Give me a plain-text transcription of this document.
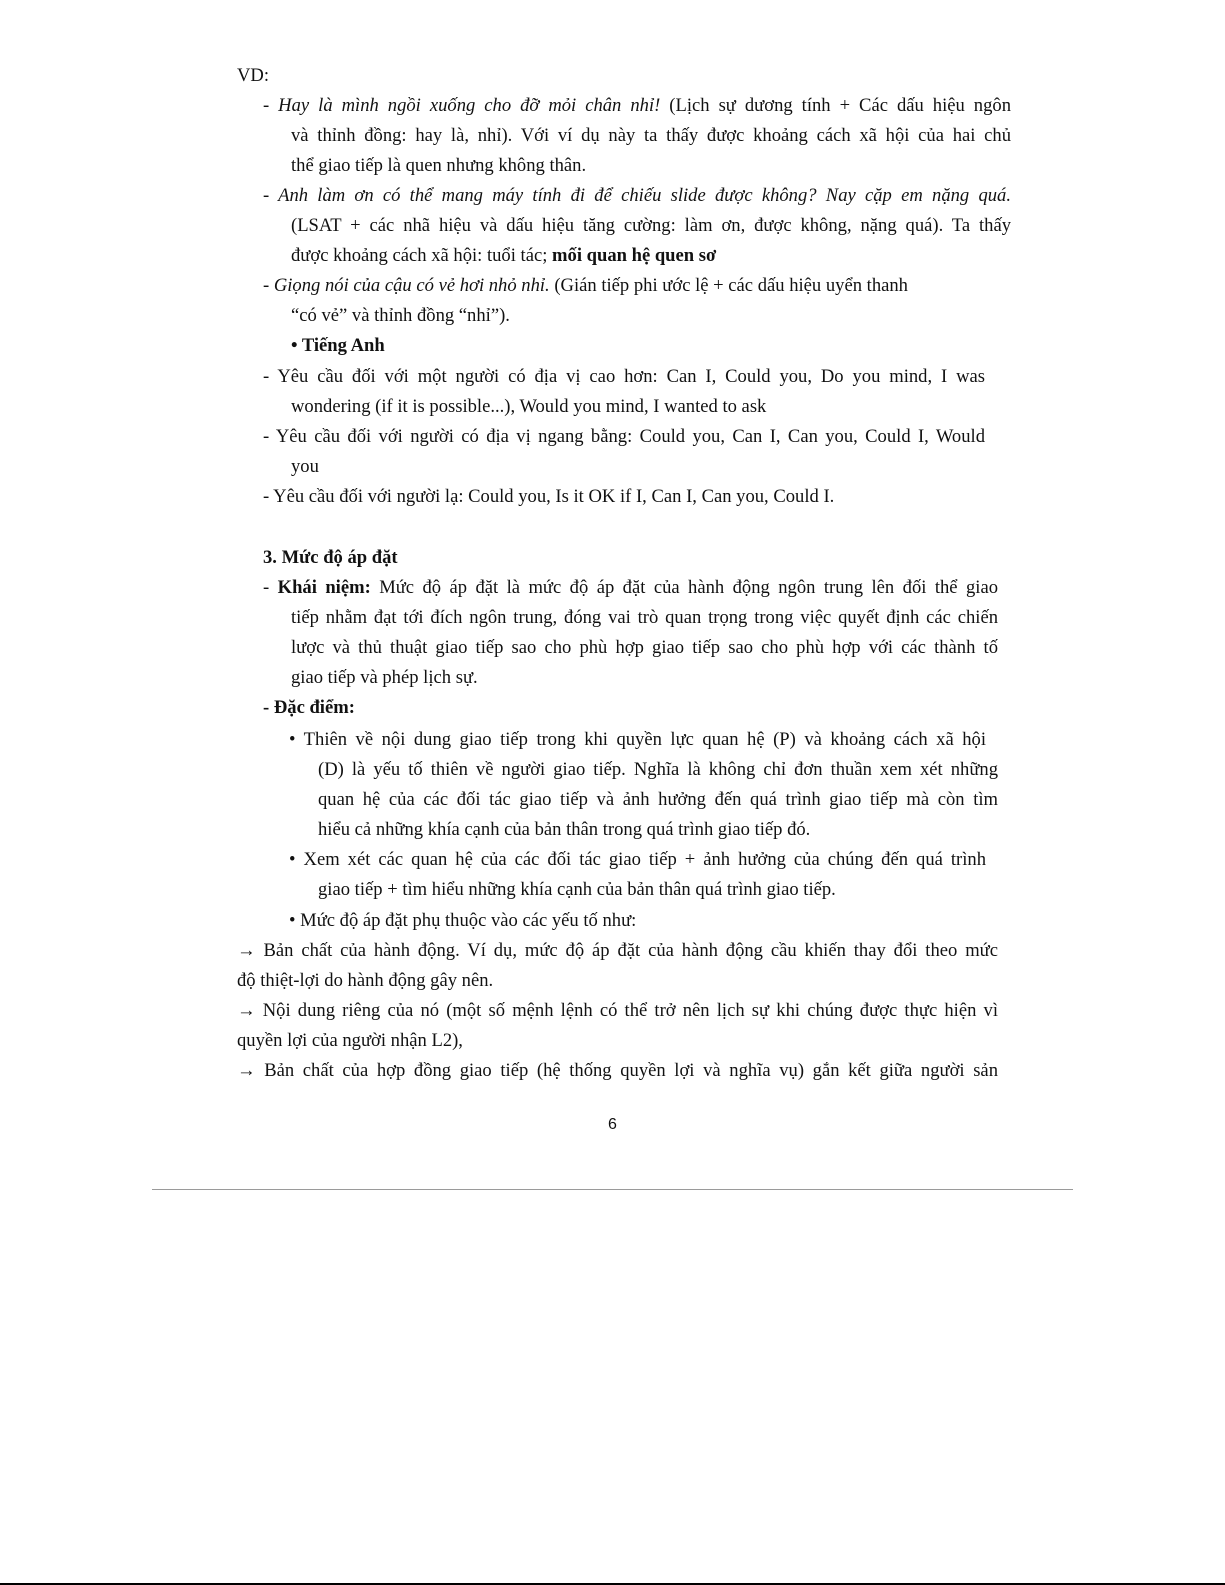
VD:
- Hay là mình ngồi xuống cho đỡ mỏi chân nhỉ! (Lịch sự dương tính + Các dấu hiệu ngôn
và thỉnh đồng: hay là, nhỉ). Với ví dụ này ta thấy được khoảng cách xã hội của hai chủ
thể giao tiếp là quen nhưng không thân.
- Anh làm ơn có thể mang máy tính đi để chiếu slide được không? Nay cặp em nặng quá.
(LSAT + các nhã hiệu và dấu hiệu tăng cường: làm ơn, được không, nặng quá). Ta thấy
được khoảng cách xã hội: tuổi tác; mối quan hệ quen sơ
- Giọng nói của cậu có vẻ hơi nhỏ nhỉ. (Gián tiếp phi ước lệ + các dấu hiệu uyển thanh
“có vẻ” và thỉnh đồng “nhỉ”).
• Tiếng Anh
- Yêu cầu đối với một người có địa vị cao hơn: Can I, Could you, Do you mind, I was
wondering (if it is possible...), Would you mind, I wanted to ask
- Yêu cầu đối với người có địa vị ngang bằng: Could you, Can I, Can you, Could I, Would
you
- Yêu cầu đối với người lạ: Could you, Is it OK if I, Can I, Can you, Could I.
3. Mức độ áp đặt
- Khái niệm: Mức độ áp đặt là mức độ áp đặt của hành động ngôn trung lên đối thể giao
tiếp nhằm đạt tới đích ngôn trung, đóng vai trò quan trọng trong việc quyết định các chiến
lược và thủ thuật giao tiếp sao cho phù hợp giao tiếp sao cho phù hợp với các thành tố
giao tiếp và phép lịch sự.
- Đặc điểm:
• Thiên về nội dung giao tiếp trong khi quyền lực quan hệ (P) và khoảng cách xã hội
(D) là yếu tố thiên về người giao tiếp. Nghĩa là không chỉ đơn thuần xem xét những
quan hệ của các đối tác giao tiếp và ảnh hưởng đến quá trình giao tiếp mà còn tìm
hiểu cả những khía cạnh của bản thân trong quá trình giao tiếp đó.
• Xem xét các quan hệ của các đối tác giao tiếp + ảnh hưởng của chúng đến quá trình
giao tiếp + tìm hiểu những khía cạnh của bản thân quá trình giao tiếp.
• Mức độ áp đặt phụ thuộc vào các yếu tố như:
→ Bản chất của hành động. Ví dụ, mức độ áp đặt của hành động cầu khiến thay đổi theo mức
độ thiệt-lợi do hành động gây nên.
→ Nội dung riêng của nó (một số mệnh lệnh có thể trở nên lịch sự khi chúng được thực hiện vì
quyền lợi của người nhận L2),
→ Bản chất của hợp đồng giao tiếp (hệ thống quyền lợi và nghĩa vụ) gắn kết giữa người sản
6
